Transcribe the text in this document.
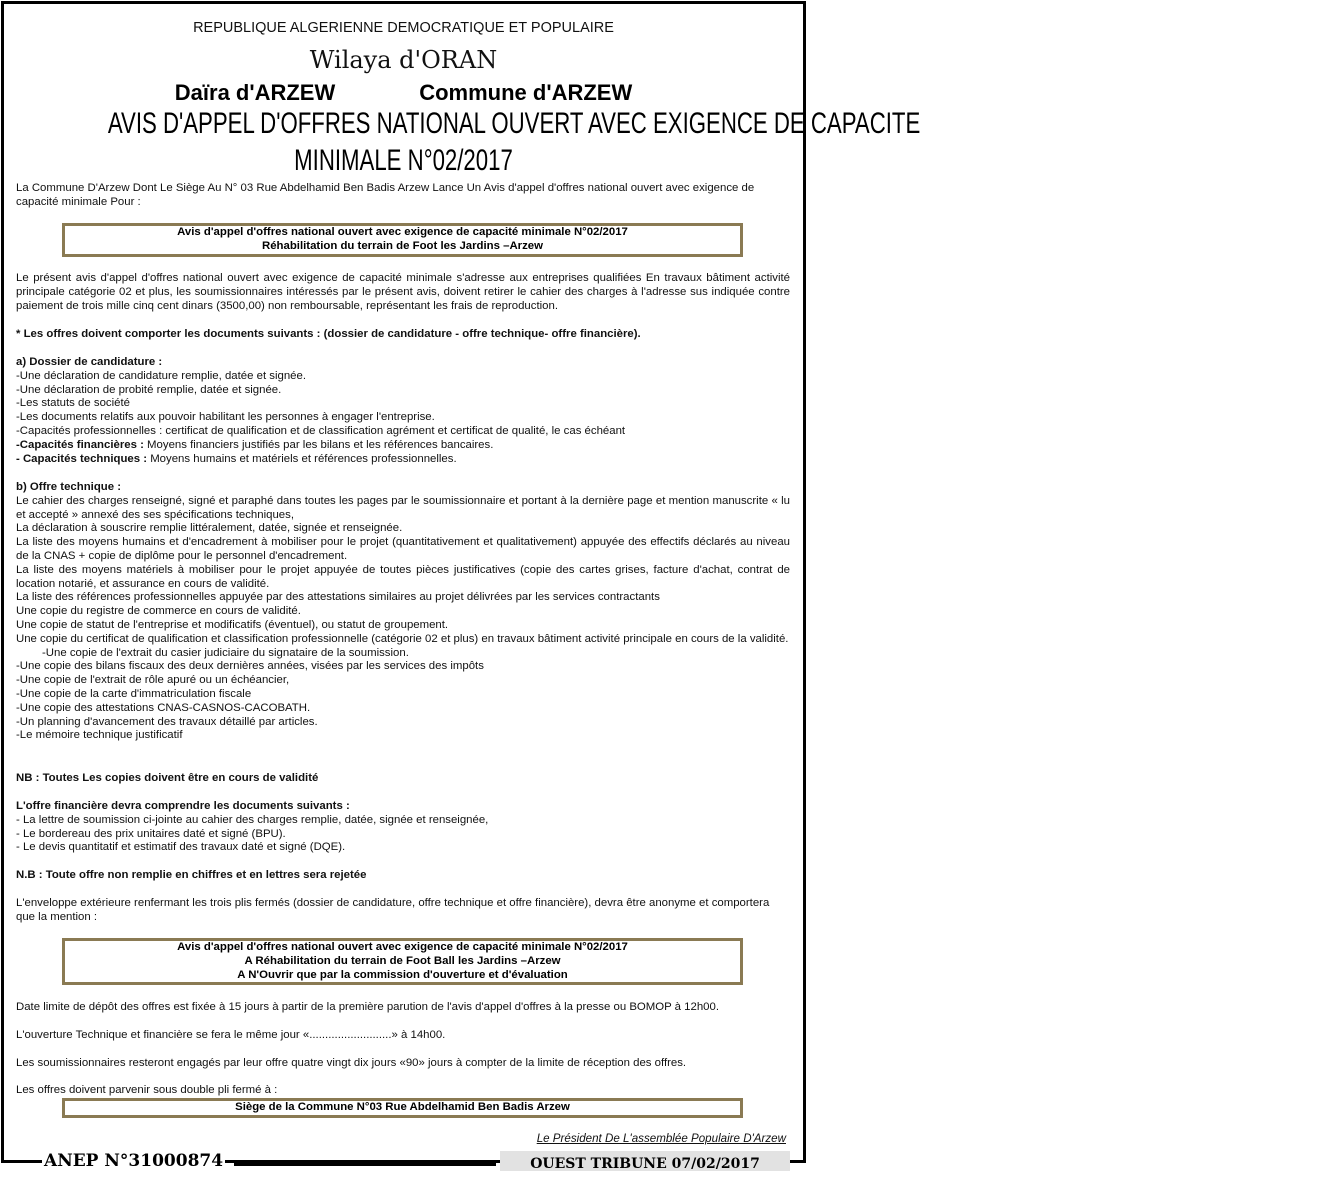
REPUBLIQUE ALGERIENNE DEMOCRATIQUE ET POPULAIRE

Wilaya d'ORAN

Daïra d'ARZEW	Commune d'ARZEW

AVIS D'APPEL D'OFFRES NATIONAL OUVERT AVEC EXIGENCE DE CAPACITE

MINIMALE N°02/2017

La Commune D'Arzew Dont Le Siège Au N° 03 Rue Abdelhamid Ben Badis Arzew Lance Un Avis d'appel d'offres national ouvert avec exigence de capacité minimale Pour :

Avis d'appel d'offres national ouvert avec exigence de capacité minimale N°02/2017
Réhabilitation du terrain de Foot les Jardins –Arzew

Le présent avis d'appel d'offres national ouvert avec exigence de capacité minimale s'adresse aux entreprises qualifiées En travaux bâtiment activité principale catégorie 02 et plus, les soumissionnaires intéressés par le présent avis, doivent retirer le cahier des charges à l'adresse sus indiquée contre paiement de trois mille cinq cent dinars (3500,00) non remboursable, représentant les frais de reproduction.

* Les offres doivent comporter les documents suivants : (dossier de candidature - offre technique- offre financière).

a) Dossier de candidature :
-Une déclaration de candidature remplie, datée et signée.
-Une déclaration de probité remplie, datée et signée.
-Les statuts de société
-Les documents relatifs aux pouvoir habilitant les personnes à engager l'entreprise.
-Capacités professionnelles : certificat de qualification et de classification agrément et certificat de qualité, le cas échéant
-Capacités financières : Moyens financiers justifiés par les bilans et les références bancaires.
- Capacités techniques : Moyens humains et matériels et références professionnelles.
b) Offre technique :
Le cahier des charges renseigné, signé et paraphé dans toutes les pages par le soumissionnaire et portant à la dernière page et mention manuscrite « lu et accepté » annexé des ses spécifications techniques,
La déclaration à souscrire remplie littéralement, datée, signée et renseignée.
La liste des moyens humains et d'encadrement à mobiliser pour le projet (quantitativement et qualitativement) appuyée des effectifs déclarés au niveau de la CNAS + copie de diplôme pour le personnel d'encadrement.
La liste des moyens matériels à mobiliser pour le projet appuyée de toutes pièces justificatives (copie des cartes grises, facture d'achat, contrat de location notarié, et assurance en cours de validité.
La liste des références professionnelles appuyée par des attestations similaires au projet délivrées par les services contractants
Une copie du registre de commerce en cours de validité.
Une copie de statut de l'entreprise et modificatifs (éventuel), ou statut de groupement.
Une copie du certificat de qualification et classification professionnelle (catégorie 02 et plus) en travaux bâtiment activité principale en cours de la validité.
-Une copie de l'extrait du casier judiciaire du signataire de la soumission.
-Une copie des bilans fiscaux des deux dernières années, visées par les services des impôts
-Une copie de l'extrait de rôle apuré ou un échéancier,
-Une copie de la carte d'immatriculation fiscale
-Une copie des attestations CNAS-CASNOS-CACOBATH.
-Un planning d'avancement des travaux détaillé par articles.
-Le mémoire technique justificatif

NB : Toutes Les copies doivent être en cours de validité

L'offre financière devra comprendre les documents suivants :
- La lettre de soumission ci-jointe au cahier des charges remplie, datée, signée et renseignée,
- Le bordereau des prix unitaires daté et signé (BPU).
- Le devis quantitatif et estimatif des travaux daté et signé (DQE).

N.B : Toute offre non remplie en chiffres et en lettres sera rejetée

L'enveloppe extérieure renfermant les trois plis fermés (dossier de candidature, offre technique et offre financière), devra être anonyme et comportera que la mention :

Avis d'appel d'offres national ouvert avec exigence de capacité minimale N°02/2017
A Réhabilitation du terrain de Foot Ball les Jardins –Arzew
A N'Ouvrir que par la commission d'ouverture et d'évaluation

Date limite de dépôt des offres est fixée à 15 jours à partir de la première parution de l'avis d'appel d'offres à la presse ou BOMOP à 12h00.

L'ouverture Technique et financière se fera le même jour «..........................» à 14h00.

Les soumissionnaires resteront engagés par leur offre quatre vingt dix jours «90» jours à compter de la limite de réception des offres.

Les offres doivent parvenir sous double pli fermé à :

Siège de la Commune N°03 Rue Abdelhamid Ben Badis Arzew

Le Président De L'assemblée Populaire D'Arzew

ANEP N°31000874	OUEST TRIBUNE 07/02/2017
